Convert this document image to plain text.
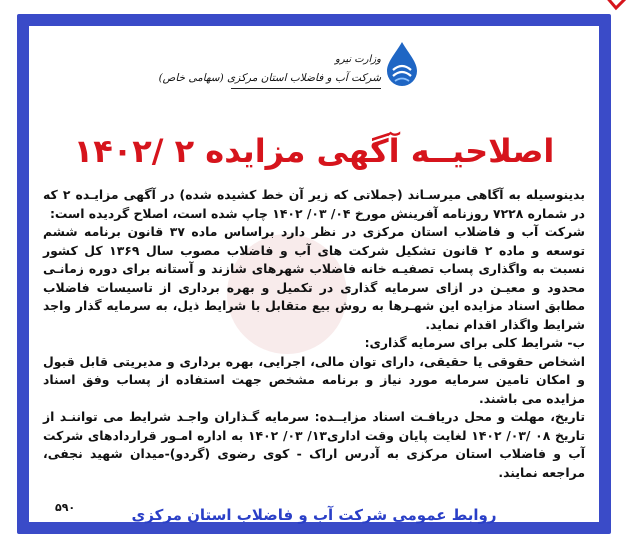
وزارت نیرو
شرکت آب و فاضلاب استان مرکزی (سهامی خاص)
اصلاحیــه آگهی مزایده ۲ /۱۴۰۲

بدینوسیله به آگاهی میرسـاند (جملاتی که زیر آن خط کشیده شده) در آگهی مزایـده ۲ که در شماره ۷۲۲۸ روزنامه آفرینش مورخ ۰۴/ ۰۳/ ۱۴۰۲ چاپ شده است، اصلاح گردیده است:

شرکت آب و فاضلاب استان مرکزی در نظر دارد براساس ماده ۳۷ قانون برنامه ششم توسعه و ماده ۲ قانون تشکیل شرکت های آب و فاضلاب مصوب سال ۱۳۶۹ کل کشور نسبت به واگذاری پساب تصفیـه خانه فاضلاب شهرهای شازند و آستانه برای دوره زمانـی محدود و معیـن در ازای سرمایه گذاری در تکمیل و بهره برداری از تاسیسات فاضلاب مطابق اسناد مزایده این شهـرها به روش بیع متقابل با شرایط ذیل، به سرمایه گذار واجد شرایط واگذار اقدام نماید.

ب- شرایط کلی برای سرمایه گذاری:

اشخاص حقوقی یا حقیقی، دارای توان مالی، اجرایی، بهره برداری و مدیریتی قابل قبول و امکان تامین سرمایه مورد نیاز و برنامه مشخص جهت استفاده از پساب وفق اسناد مزایده می باشند.

تاریخ، مهلت و محل دریافـت اسناد مزایــده: سرمایه گـذاران واجـد شرایط می تواننـد از تاریخ ۰۸ /۰۳/ ۱۴۰۲ لغایت پایان وقت اداری۱۳/ ۰۳/ ۱۴۰۲ به اداره امـور قراردادهای شرکت آب و فاضلاب استان مرکزی به آدرس اراک - کوی رضوی (گردو)-میدان شهید نجفی، مراجعه نمایند.

روابط عمومی شرکت آب و فاضلاب استان مرکزی
۵۹۰
